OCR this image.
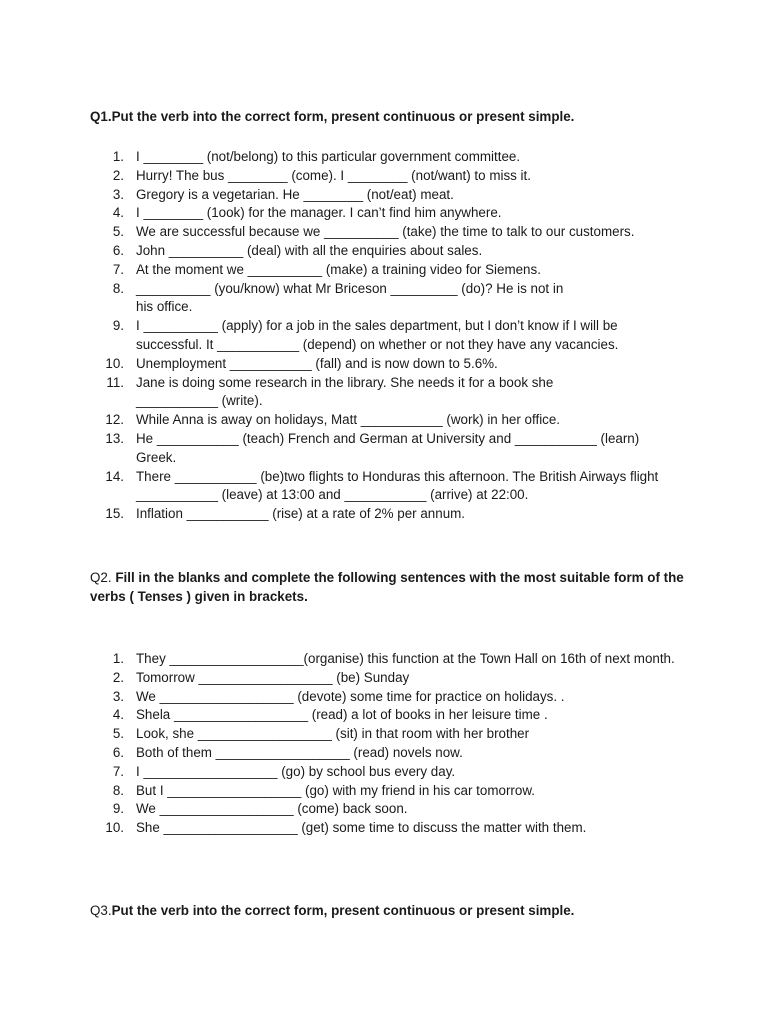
Q1.Put the verb into the correct form, present continuous or present simple.

1. I ________ (not/belong) to this particular government committee.
2. Hurry! The bus ________ (come). I ________ (not/want) to miss it.
3. Gregory is a vegetarian. He ________ (not/eat) meat.
4. I ________ (1ook) for the manager. I can’t find him anywhere.
5. We are successful because we __________ (take) the time to talk to our customers.
6. John __________ (deal) with all the enquiries about sales.
7. At the moment we __________ (make) a training video for Siemens.
8. __________ (you/know) what Mr Briceson _________ (do)? He is not in his office.
9. I __________ (apply) for a job in the sales department, but I don’t know if I will be successful. It ___________ (depend) on whether or not they have any vacancies.
10. Unemployment ___________ (fall) and is now down to 5.6%.
11. Jane is doing some research in the library. She needs it for a book she ___________ (write).
12. While Anna is away on holidays, Matt ___________ (work) in her office.
13. He ___________ (teach) French and German at University and ___________ (learn) Greek.
14. There ___________ (be)two flights to Honduras this afternoon. The British Airways flight ___________ (leave) at 13:00 and ___________ (arrive) at 22:00.
15. Inflation ___________ (rise) at a rate of 2% per annum.

Q2. Fill in the blanks and complete the following sentences with the most suitable form of the verbs ( Tenses ) given in brackets.

1. They __________________(organise) this function at the Town Hall on 16th of next month.
2. Tomorrow __________________ (be) Sunday
3. We __________________ (devote) some time for practice on holidays. .
4. Shela __________________ (read) a lot of books in her leisure time .
5. Look, she __________________ (sit) in that room with her brother
6. Both of them __________________ (read) novels now.
7. I __________________ (go) by school bus every day.
8. But I __________________ (go) with my friend in his car tomorrow.
9. We __________________ (come) back soon.
10. She __________________ (get) some time to discuss the matter with them.

Q3.Put the verb into the correct form, present continuous or present simple.
